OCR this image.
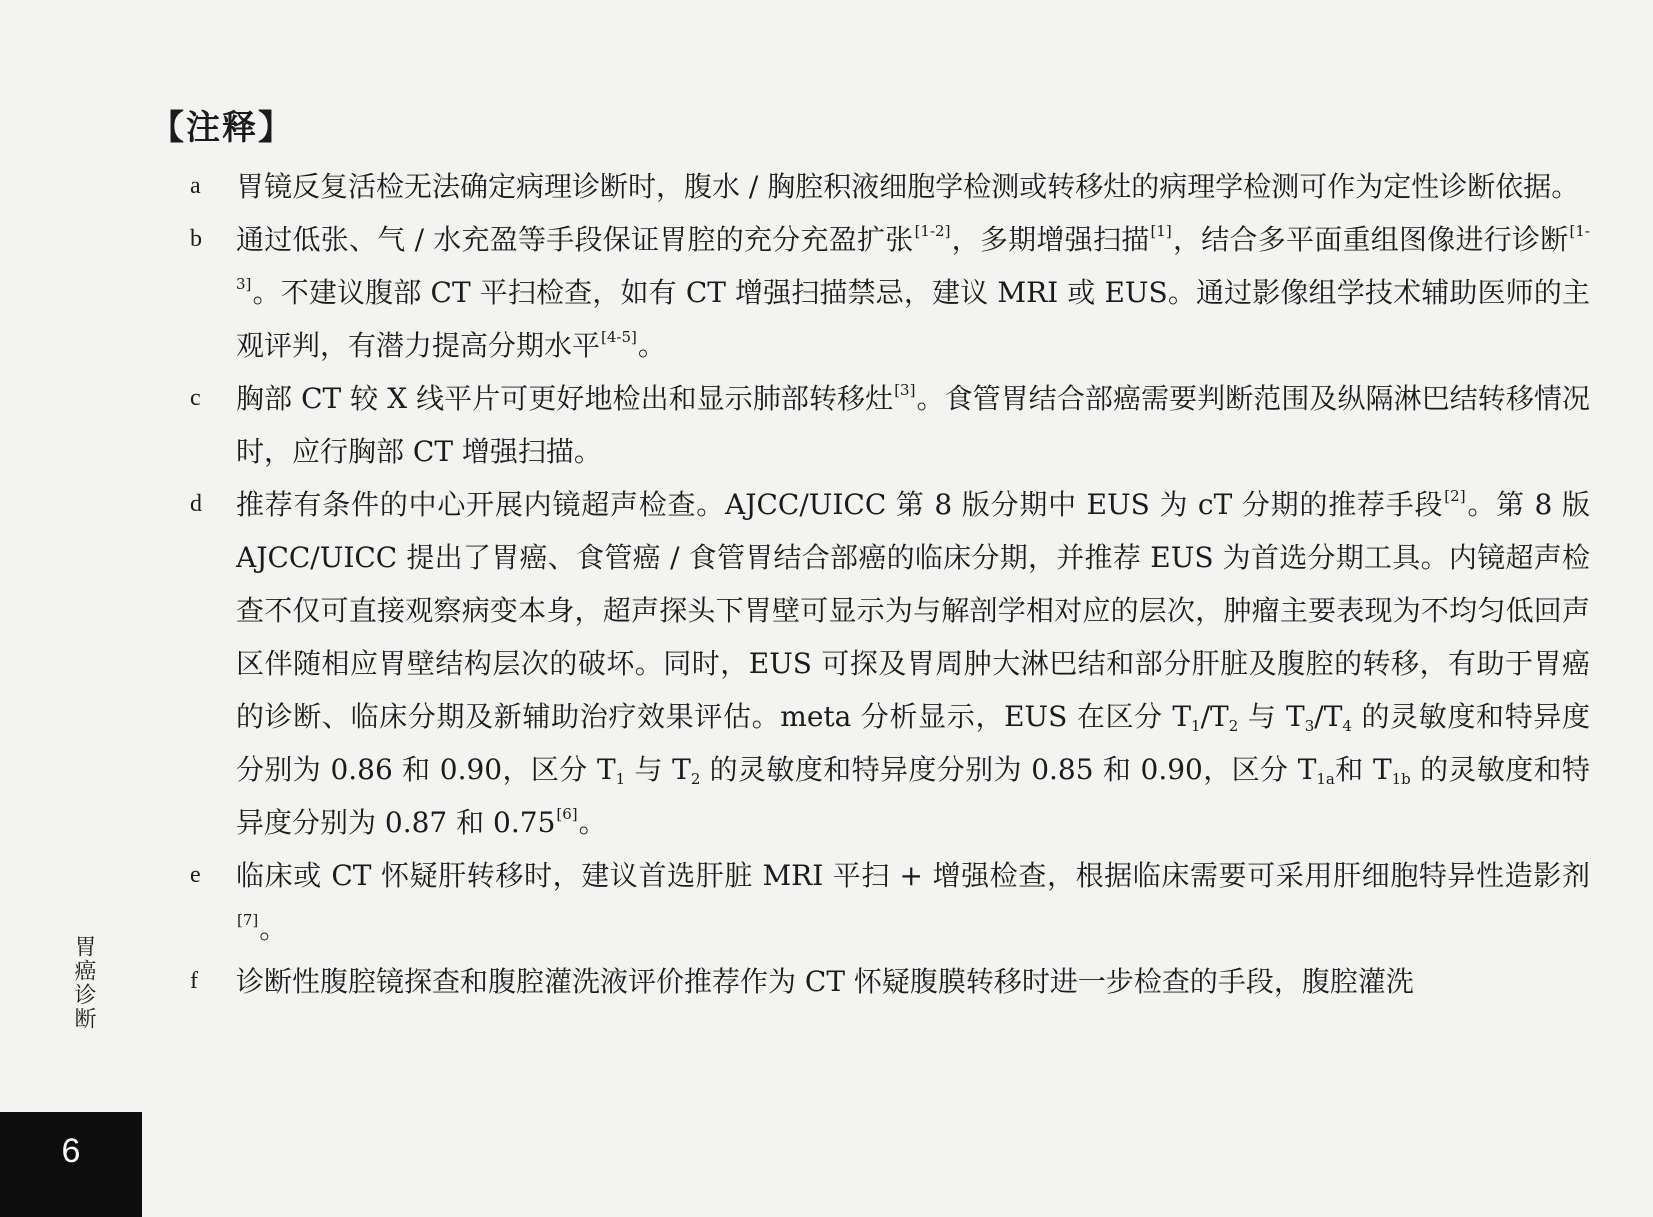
【注释】
a 胃镜反复活检无法确定病理诊断时，腹水 / 胸腔积液细胞学检测或转移灶的病理学检测可作为定性诊断依据。
b 通过低张、气 / 水充盈等手段保证胃腔的充分充盈扩张[1-2]，多期增强扫描[1]，结合多平面重组图像进行诊断[1-3]。不建议腹部 CT 平扫检查，如有 CT 增强扫描禁忌，建议 MRI 或 EUS。通过影像组学技术辅助医师的主观评判，有潜力提高分期水平[4-5]。
c 胸部 CT 较 X 线平片可更好地检出和显示肺部转移灶[3]。食管胃结合部癌需要判断范围及纵隔淋巴结转移情况时，应行胸部 CT 增强扫描。
d 推荐有条件的中心开展内镜超声检查。AJCC/UICC 第 8 版分期中 EUS 为 cT 分期的推荐手段[2]。第 8 版 AJCC/UICC 提出了胃癌、食管癌 / 食管胃结合部癌的临床分期，并推荐 EUS 为首选分期工具。内镜超声检查不仅可直接观察病变本身，超声探头下胃壁可显示为与解剖学相对应的层次，肿瘤主要表现为不均匀低回声区伴随相应胃壁结构层次的破坏。同时，EUS 可探及胃周肿大淋巴结和部分肝脏及腹腔的转移，有助于胃癌的诊断、临床分期及新辅助治疗效果评估。meta 分析显示，EUS 在区分 $T_1/T_2$ 与 $T_3/T_4$ 的灵敏度和特异度分别为 0.86 和 0.90，区分 $T_1$ 与 $T_2$ 的灵敏度和特异度分别为 0.85 和 0.90，区分 $T_{1a}$和 $T_{1b}$ 的灵敏度和特异度分别为 0.87 和 0.75[6]。
e 临床或 CT 怀疑肝转移时，建议首选肝脏 MRI 平扫 + 增强检查，根据临床需要可采用肝细胞特异性造影剂[7]。
f 诊断性腹腔镜探查和腹腔灌洗液评价推荐作为 CT 怀疑腹膜转移时进一步检查的手段，腹腔灌洗
胃癌诊断
6
